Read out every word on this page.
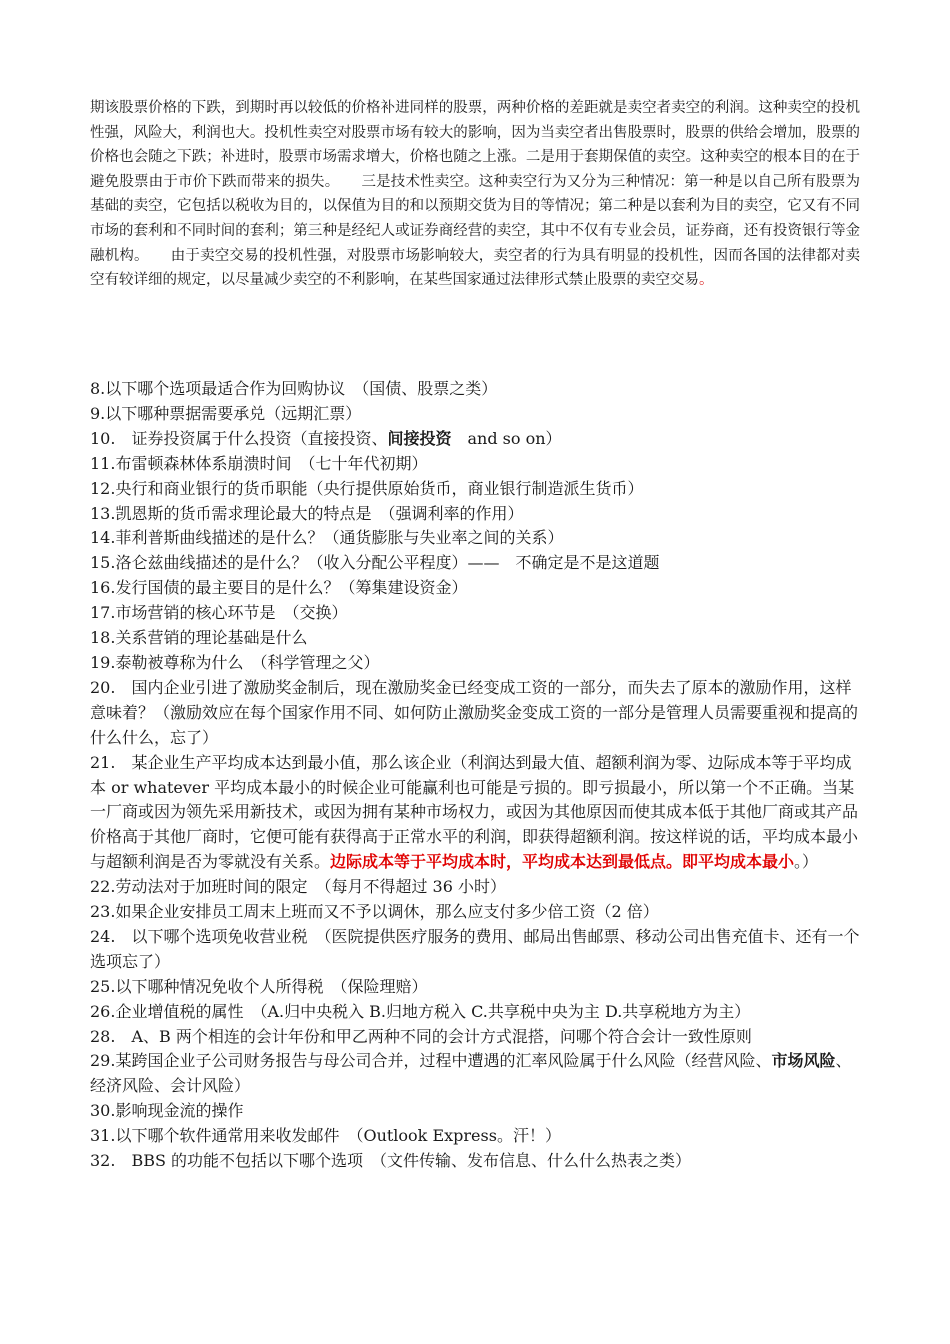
期该股票价格的下跌，到期时再以较低的价格补进同样的股票，两种价格的差距就是卖空者卖空的利润。这种卖空的投机性强，风险大，利润也大。投机性卖空对股票市场有较大的影响，因为当卖空者出售股票时，股票的供给会增加，股票的价格也会随之下跌；补进时，股票市场需求增大，价格也随之上涨。二是用于套期保值的卖空。这种卖空的根本目的在于避免股票由于市价下跌而带来的损失。　　三是技术性卖空。这种卖空行为又分为三种情况：第一种是以自己所有股票为基础的卖空，它包括以税收为目的，以保值为目的和以预期交货为目的等情况；第二种是以套利为目的卖空，它又有不同市场的套利和不同时间的套利；第三种是经纪人或证券商经营的卖空，其中不仅有专业会员，证券商，还有投资银行等金融机构。　　由于卖空交易的投机性强，对股票市场影响较大，卖空者的行为具有明显的投机性，因而各国的法律都对卖空有较详细的规定，以尽量减少卖空的不利影响，在某些国家通过法律形式禁止股票的卖空交易。

8.以下哪个选项最适合作为回购协议　（国债、股票之类）
9.以下哪种票据需要承兑（远期汇票）
10.　证券投资属于什么投资（直接投资、间接投资　and so on）
11.布雷顿森林体系崩溃时间　（七十年代初期）
12.央行和商业银行的货币职能（央行提供原始货币，商业银行制造派生货币）
13.凯恩斯的货币需求理论最大的特点是　（强调利率的作用）
14.菲利普斯曲线描述的是什么？（通货膨胀与失业率之间的关系）
15.洛仑兹曲线描述的是什么？（收入分配公平程度）——　不确定是不是这道题
16.发行国债的最主要目的是什么？（筹集建设资金）
17.市场营销的核心环节是　（交换）
18.关系营销的理论基础是什么
19.泰勒被尊称为什么　（科学管理之父）
20.　国内企业引进了激励奖金制后，现在激励奖金已经变成工资的一部分，而失去了原本的激励作用，这样意味着？（激励效应在每个国家作用不同、如何防止激励奖金变成工资的一部分是管理人员需要重视和提高的什么什么，忘了）
21.　某企业生产平均成本达到最小值，那么该企业（利润达到最大值、超额利润为零、边际成本等于平均成本 or whatever 平均成本最小的时候企业可能赢利也可能是亏损的。即亏损最小，所以第一个不正确。当某一厂商或因为领先采用新技术，或因为拥有某种市场权力，或因为其他原因而使其成本低于其他厂商或其产品价格高于其他厂商时，它便可能有获得高于正常水平的利润，即获得超额利润。按这样说的话，平均成本最小与超额利润是否为零就没有关系。边际成本等于平均成本时，平均成本达到最低点。即平均成本最小。）
22.劳动法对于加班时间的限定　（每月不得超过 36 小时）
23.如果企业安排员工周末上班而又不予以调休，那么应支付多少倍工资（2 倍）
24.　以下哪个选项免收营业税　（医院提供医疗服务的费用、邮局出售邮票、移动公司出售充值卡、还有一个选项忘了）
25.以下哪种情况免收个人所得税　（保险理赔）
26.企业增值税的属性　（A.归中央税入 B.归地方税入 C.共享税中央为主 D.共享税地方为主）
28.　A、B 两个相连的会计年份和甲乙两种不同的会计方式混搭，问哪个符合会计一致性原则
29.某跨国企业子公司财务报告与母公司合并，过程中遭遇的汇率风险属于什么风险（经营风险、市场风险、经济风险、会计风险）
30.影响现金流的操作
31.以下哪个软件通常用来收发邮件　（Outlook Express。汗！）
32.　BBS 的功能不包括以下哪个选项　（文件传输、发布信息、什么什么热表之类）
